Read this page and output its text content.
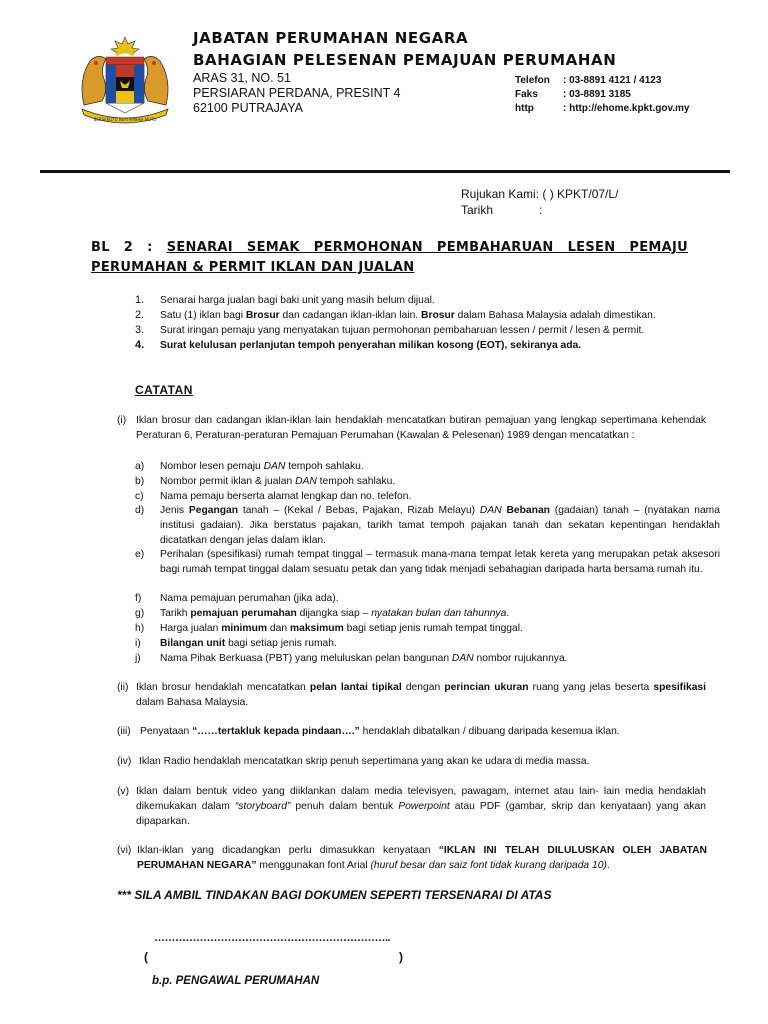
BERSEKUTU BERTAMBAH MUTU
JABATAN PERUMAHAN NEGARA
BAHAGIAN PELESENAN PEMAJUAN PERUMAHAN
ARAS 31, NO. 51
PERSIARAN PERDANA, PRESINT 4
62100 PUTRAJAYA
Telefon : 03-8891 4121 / 4123
Faks	: 03-8891 3185
http	: http://ehome.kpkt.gov.my
Rujukan Kami: ( ) KPKT/07/L/
Tarikh	:
BL 2 : SENARAI SEMAK PERMOHONAN PEMBAHARUAN LESEN PEMAJU PERUMAHAN & PERMIT IKLAN DAN JUALAN
1. Senarai harga jualan bagi baki unit yang masih belum dijual.
2. Satu (1) iklan bagi Brosur dan cadangan iklan-iklan lain. Brosur dalam Bahasa Malaysia adalah dimestikan.
3. Surat iringan pemaju yang menyatakan tujuan permohonan pembaharuan lessen / permit / lesen & permit.
4. Surat kelulusan perlanjutan tempoh penyerahan milikan kosong (EOT), sekiranya ada.
CATATAN
(i) Iklan brosur dan cadangan iklan-iklan lain hendaklah mencatatkan butiran pemajuan yang lengkap sepertimana kehendak Peraturan 6, Peraturan-peraturan Pemajuan Perumahan (Kawalan & Pelesenan) 1989 dengan mencatatkan :
a) Nombor lesen pemaju DAN tempoh sahlaku.
b) Nombor permit iklan & jualan DAN tempoh sahlaku.
c) Nama pemaju berserta alamat lengkap dan no. telefon.
d) Jenis Pegangan tanah – (Kekal / Bebas, Pajakan, Rizab Melayu) DAN Bebanan (gadaian) tanah – (nyatakan nama institusi gadaian). Jika berstatus pajakan, tarikh tamat tempoh pajakan tanah dan sekatan kepentingan hendaklah dicatatkan dengan jelas dalam iklan.
e) Perihalan (spesifikasi) rumah tempat tinggal – termasuk mana-mana tempat letak kereta yang merupakan petak aksesori bagi rumah tempat tinggal dalam sesuatu petak dan yang tidak menjadi sebahagian daripada harta bersama rumah itu.
f) Nama pemajuan perumahan (jika ada).
g) Tarikh pemajuan perumahan dijangka siap – nyatakan bulan dan tahunnya.
h) Harga jualan minimum dan maksimum bagi setiap jenis rumah tempat tinggal.
i) Bilangan unit bagi setiap jenis rumah.
j) Nama Pihak Berkuasa (PBT) yang meluluskan pelan bangunan DAN nombor rujukannya.
(ii) Iklan brosur hendaklah mencatatkan pelan lantai tipikal dengan perincian ukuran ruang yang jelas beserta spesifikasi dalam Bahasa Malaysia.
(iii) Penyataan “……tertakluk kepada pindaan….” hendaklah dibatalkan / dibuang daripada kesemua iklan.
(iv) Iklan Radio hendaklah mencatatkan skrip penuh sepertimana yang akan ke udara di media massa.
(v) Iklan dalam bentuk video yang diiklankan dalam media televisyen, pawagam, internet atau lain- lain media hendaklah dikemukakan dalam “storyboard” penuh dalam bentuk Powerpoint atau PDF (gambar, skrip dan kenyataan) yang akan dipaparkan.
(vi) Iklan-iklan yang dicadangkan perlu dimasukkan kenyataan “IKLAN INI TELAH DILULUSKAN OLEH JABATAN PERUMAHAN NEGARA” menggunakan font Arial (huruf besar dan saiz font tidak kurang daripada 10).
*** SILA AMBIL TINDAKAN BAGI DOKUMEN SEPERTI TERSENARAI DI ATAS
…………………………………………………………..
(	)
b.p. PENGAWAL PERUMAHAN
